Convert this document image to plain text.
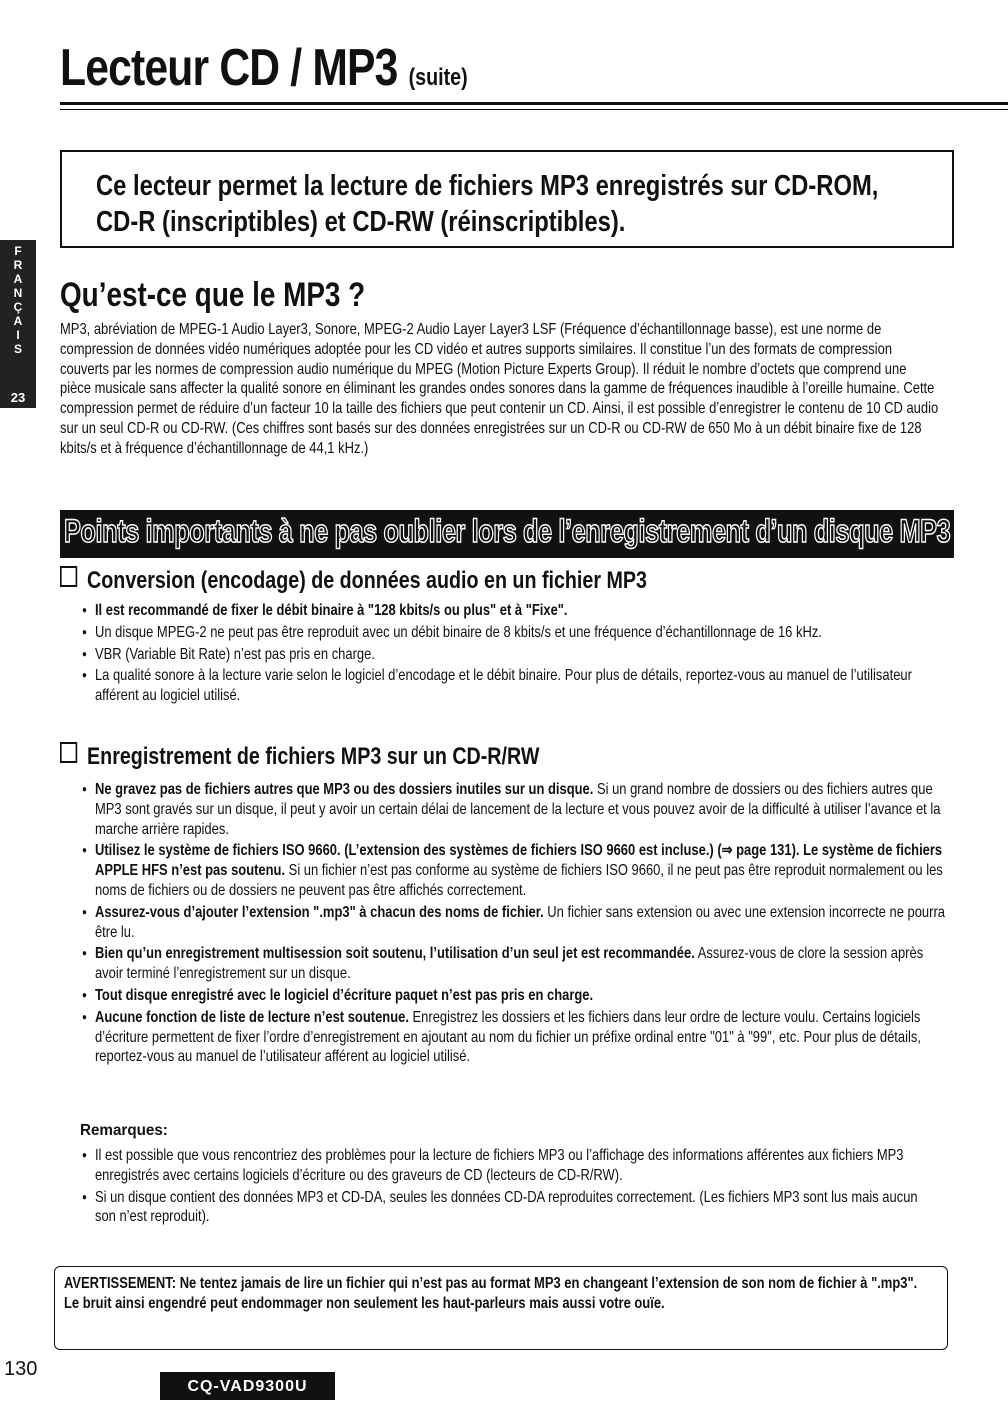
Lecteur CD / MP3 (suite)
Ce lecteur permet la lecture de fichiers MP3 enregistrés sur CD-ROM, CD-R (inscriptibles) et CD-RW (réinscriptibles).
F
R
A
N
Ç
A
I
S
23
Qu’est-ce que le MP3 ?
MP3, abréviation de MPEG-1 Audio Layer3, Sonore, MPEG-2 Audio Layer Layer3 LSF (Fréquence d’échantillonnage basse), est une norme de compression de données vidéo numériques adoptée pour les CD vidéo et autres supports similaires. Il constitue l’un des formats de compression couverts par les normes de compression audio numérique du MPEG (Motion Picture Experts Group). Il réduit le nombre d’octets que comprend une pièce musicale sans affecter la qualité sonore en éliminant les grandes ondes sonores dans la gamme de fréquences inaudible à l’oreille humaine. Cette compression permet de réduire d’un facteur 10 la taille des fichiers que peut contenir un CD. Ainsi, il est possible d’enregistrer le contenu de 10 CD audio sur un seul CD-R ou CD-RW. (Ces chiffres sont basés sur des données enregistrées sur un CD-R ou CD-RW de 650 Mo à un débit binaire fixe de 128 kbits/s et à fréquence d’échantillonnage de 44,1 kHz.)
Points importants à ne pas oublier lors de l’enregistrement d’un disque MP3
Conversion (encodage) de données audio en un fichier MP3
● Il est recommandé de fixer le débit binaire à "128 kbits/s ou plus" et à "Fixe".
● Un disque MPEG-2 ne peut pas être reproduit avec un débit binaire de 8 kbits/s et une fréquence d’échantillonnage de 16 kHz.
● VBR (Variable Bit Rate) n’est pas pris en charge.
● La qualité sonore à la lecture varie selon le logiciel d’encodage et le débit binaire. Pour plus de détails, reportez-vous au manuel de l’utilisateur afférent au logiciel utilisé.
Enregistrement de fichiers MP3 sur un CD-R/RW
● Ne gravez pas de fichiers autres que MP3 ou des dossiers inutiles sur un disque. Si un grand nombre de dossiers ou des fichiers autres que MP3 sont gravés sur un disque, il peut y avoir un certain délai de lancement de la lecture et vous pouvez avoir de la difficulté à utiliser l’avance et la marche arrière rapides.
● Utilisez le système de fichiers ISO 9660. (L’extension des systèmes de fichiers ISO 9660 est incluse.) (⇒ page 131). Le système de fichiers APPLE HFS n’est pas soutenu. Si un fichier n’est pas conforme au système de fichiers ISO 9660, il ne peut pas être reproduit normalement ou les noms de fichiers ou de dossiers ne peuvent pas être affichés correctement.
● Assurez-vous d’ajouter l’extension ".mp3" à chacun des noms de fichier. Un fichier sans extension ou avec une extension incorrecte ne pourra être lu.
● Bien qu’un enregistrement multisession soit soutenu, l’utilisation d’un seul jet est recommandée. Assurez-vous de clore la session après avoir terminé l’enregistrement sur un disque.
● Tout disque enregistré avec le logiciel d’écriture paquet n’est pas pris en charge.
● Aucune fonction de liste de lecture n’est soutenue. Enregistrez les dossiers et les fichiers dans leur ordre de lecture voulu. Certains logiciels d’écriture permettent de fixer l’ordre d’enregistrement en ajoutant au nom du fichier un préfixe ordinal entre "01" à "99", etc. Pour plus de détails, reportez-vous au manuel de l’utilisateur afférent au logiciel utilisé.
Remarques:
● Il est possible que vous rencontriez des problèmes pour la lecture de fichiers MP3 ou l’affichage des informations afférentes aux fichiers MP3 enregistrés avec certains logiciels d’écriture ou des graveurs de CD (lecteurs de CD-R/RW).
● Si un disque contient des données MP3 et CD-DA, seules les données CD-DA reproduites correctement. (Les fichiers MP3 sont lus mais aucun son n’est reproduit).
AVERTISSEMENT: Ne tentez jamais de lire un fichier qui n’est pas au format MP3 en changeant l’extension de son nom de fichier à ".mp3". Le bruit ainsi engendré peut endommager non seulement les haut-parleurs mais aussi votre ouïe.
130
CQ-VAD9300U
